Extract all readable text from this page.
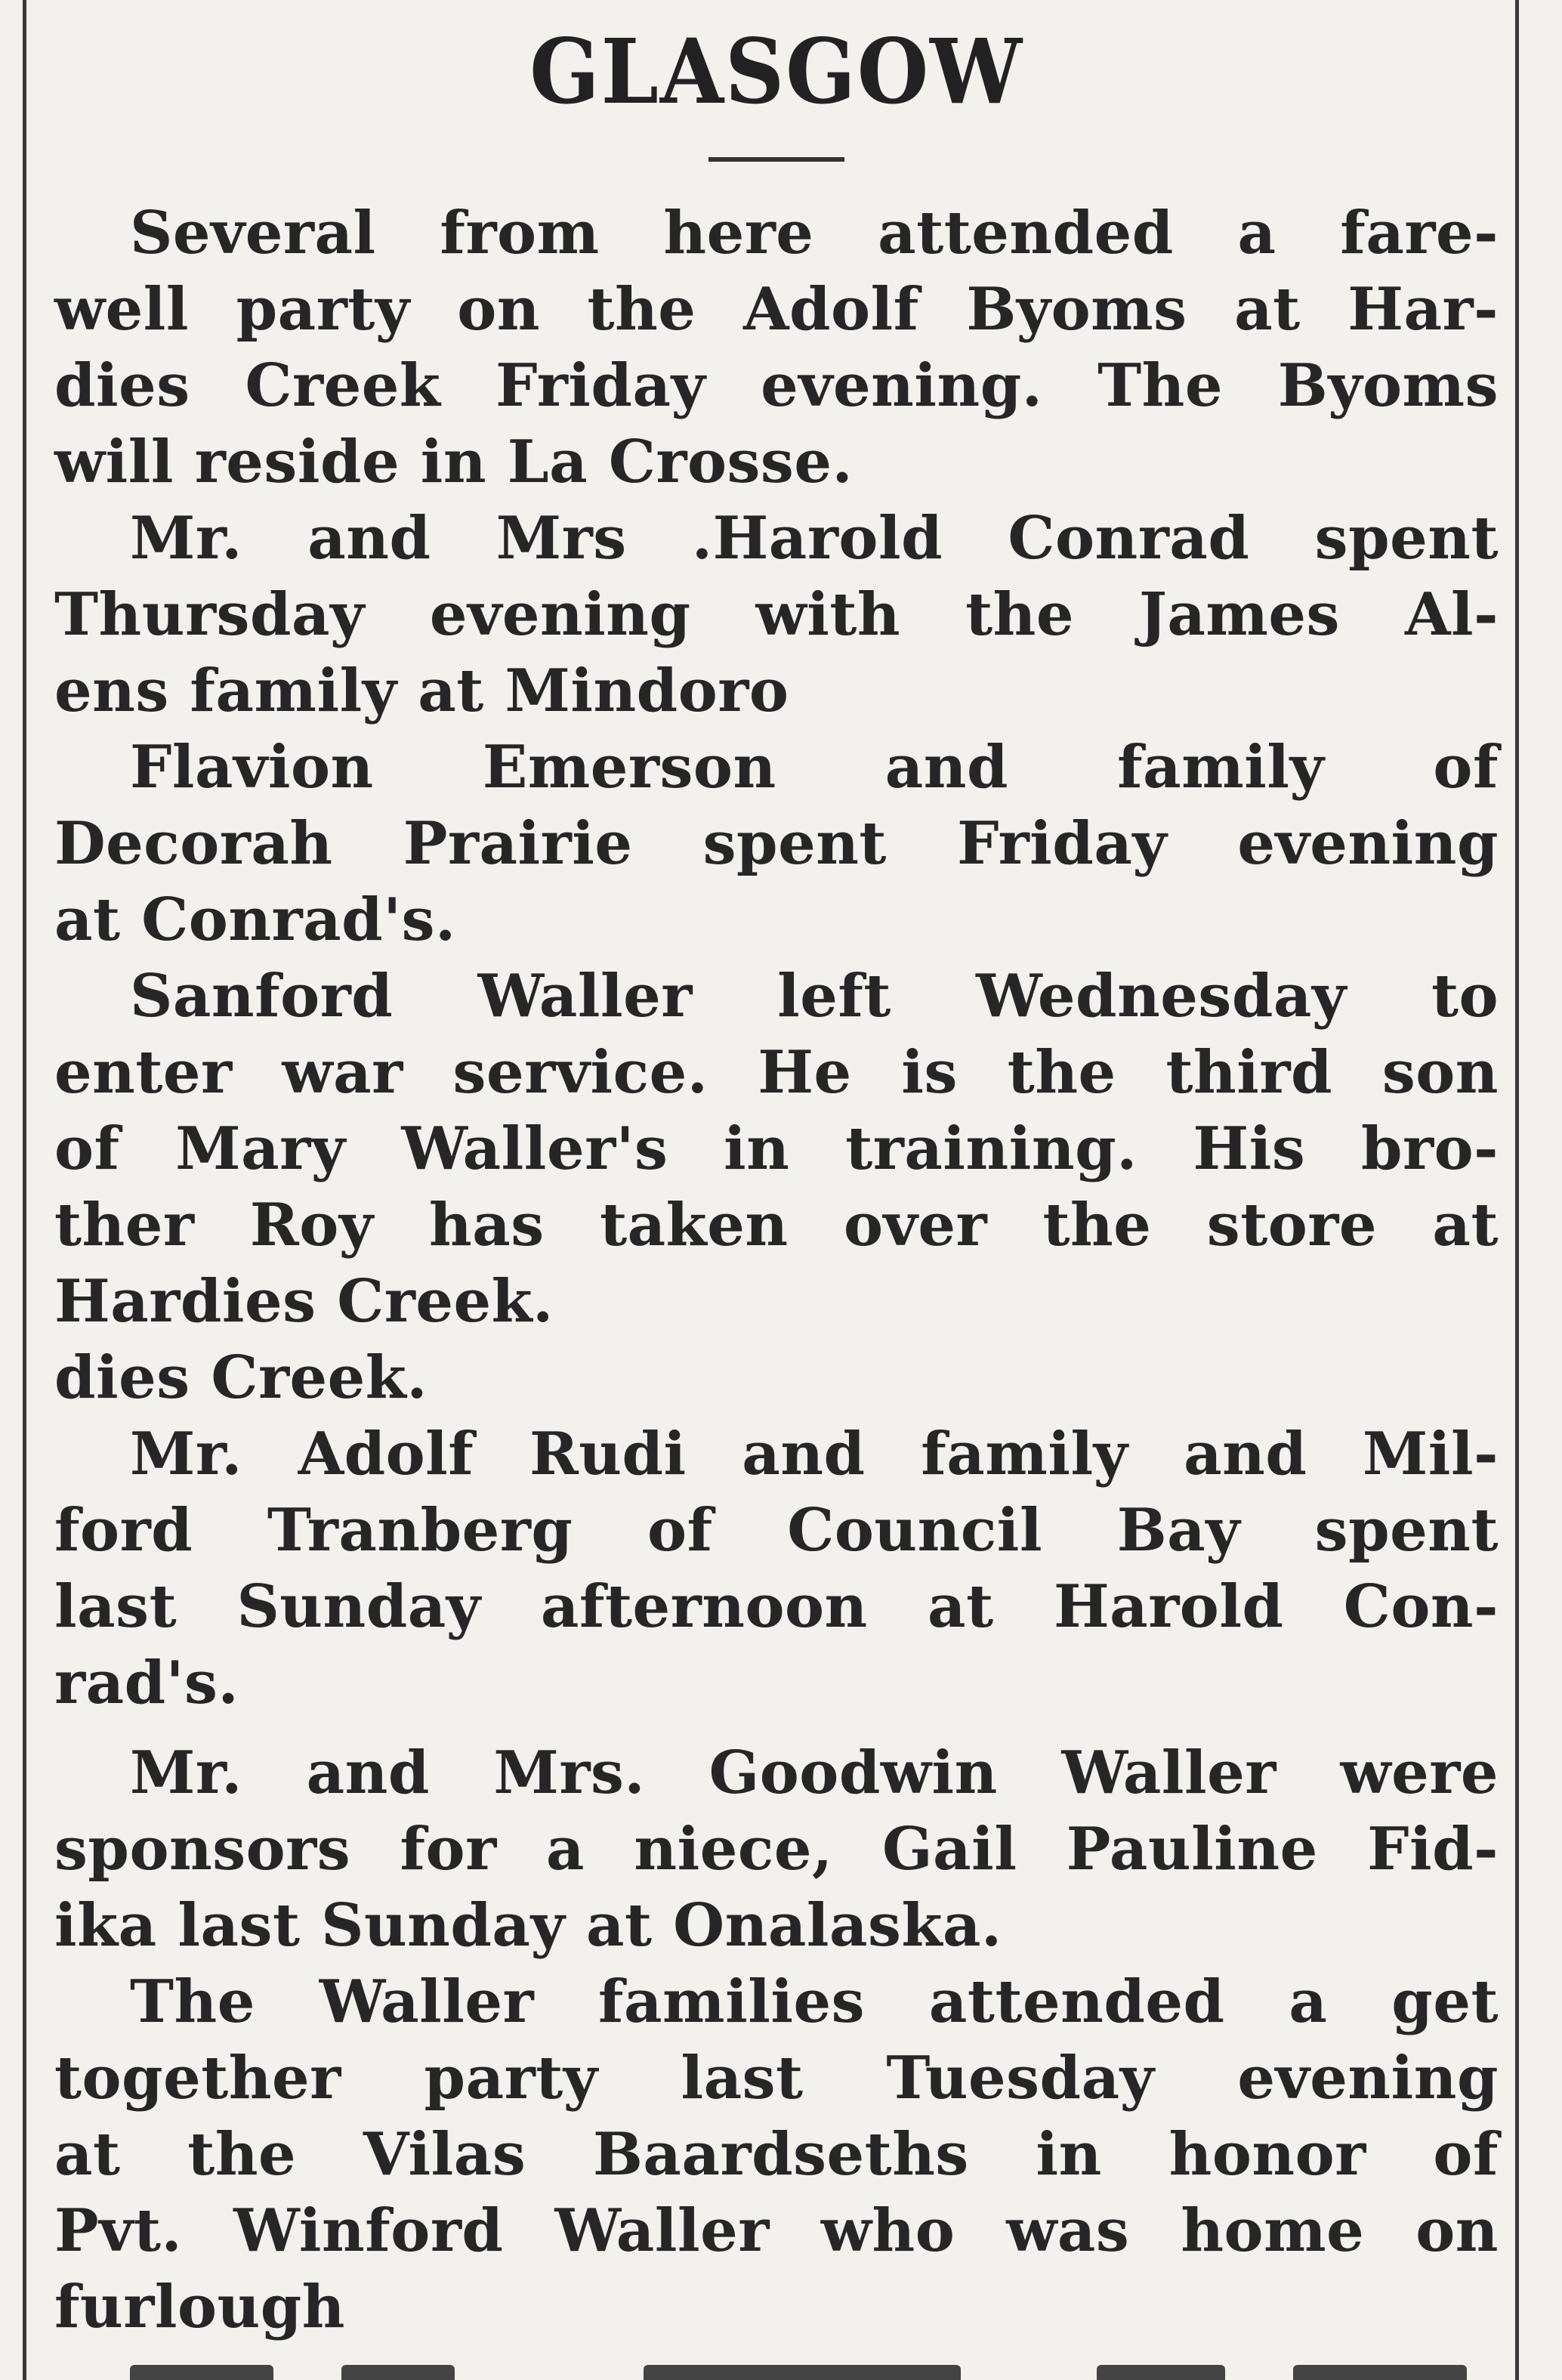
GLASGOW

Several from here attended a fare-
well party on the Adolf Byoms at Har-
dies Creek Friday evening. The Byoms
will reside in La Crosse.

Mr. and Mrs .Harold Conrad spent
Thursday evening with the James Al-
ens family at Mindoro

Flavion Emerson and family of
Decorah Prairie spent Friday evening
at Conrad's.

Sanford Waller left Wednesday to
enter war service. He is the third son
of Mary Waller's in training. His bro-
ther Roy has taken over the store at
Hardies Creek.
dies Creek.

Mr. Adolf Rudi and family and Mil-
ford Tranberg of Council Bay spent
last Sunday afternoon at Harold Con-
rad's.

Mr. and Mrs. Goodwin Waller were
sponsors for a niece, Gail Pauline Fid-
ika last Sunday at Onalaska.

The Waller families attended a get
together party last Tuesday evening
at the Vilas Baardseths in honor of
Pvt. Winford Waller who was home on
furlough
